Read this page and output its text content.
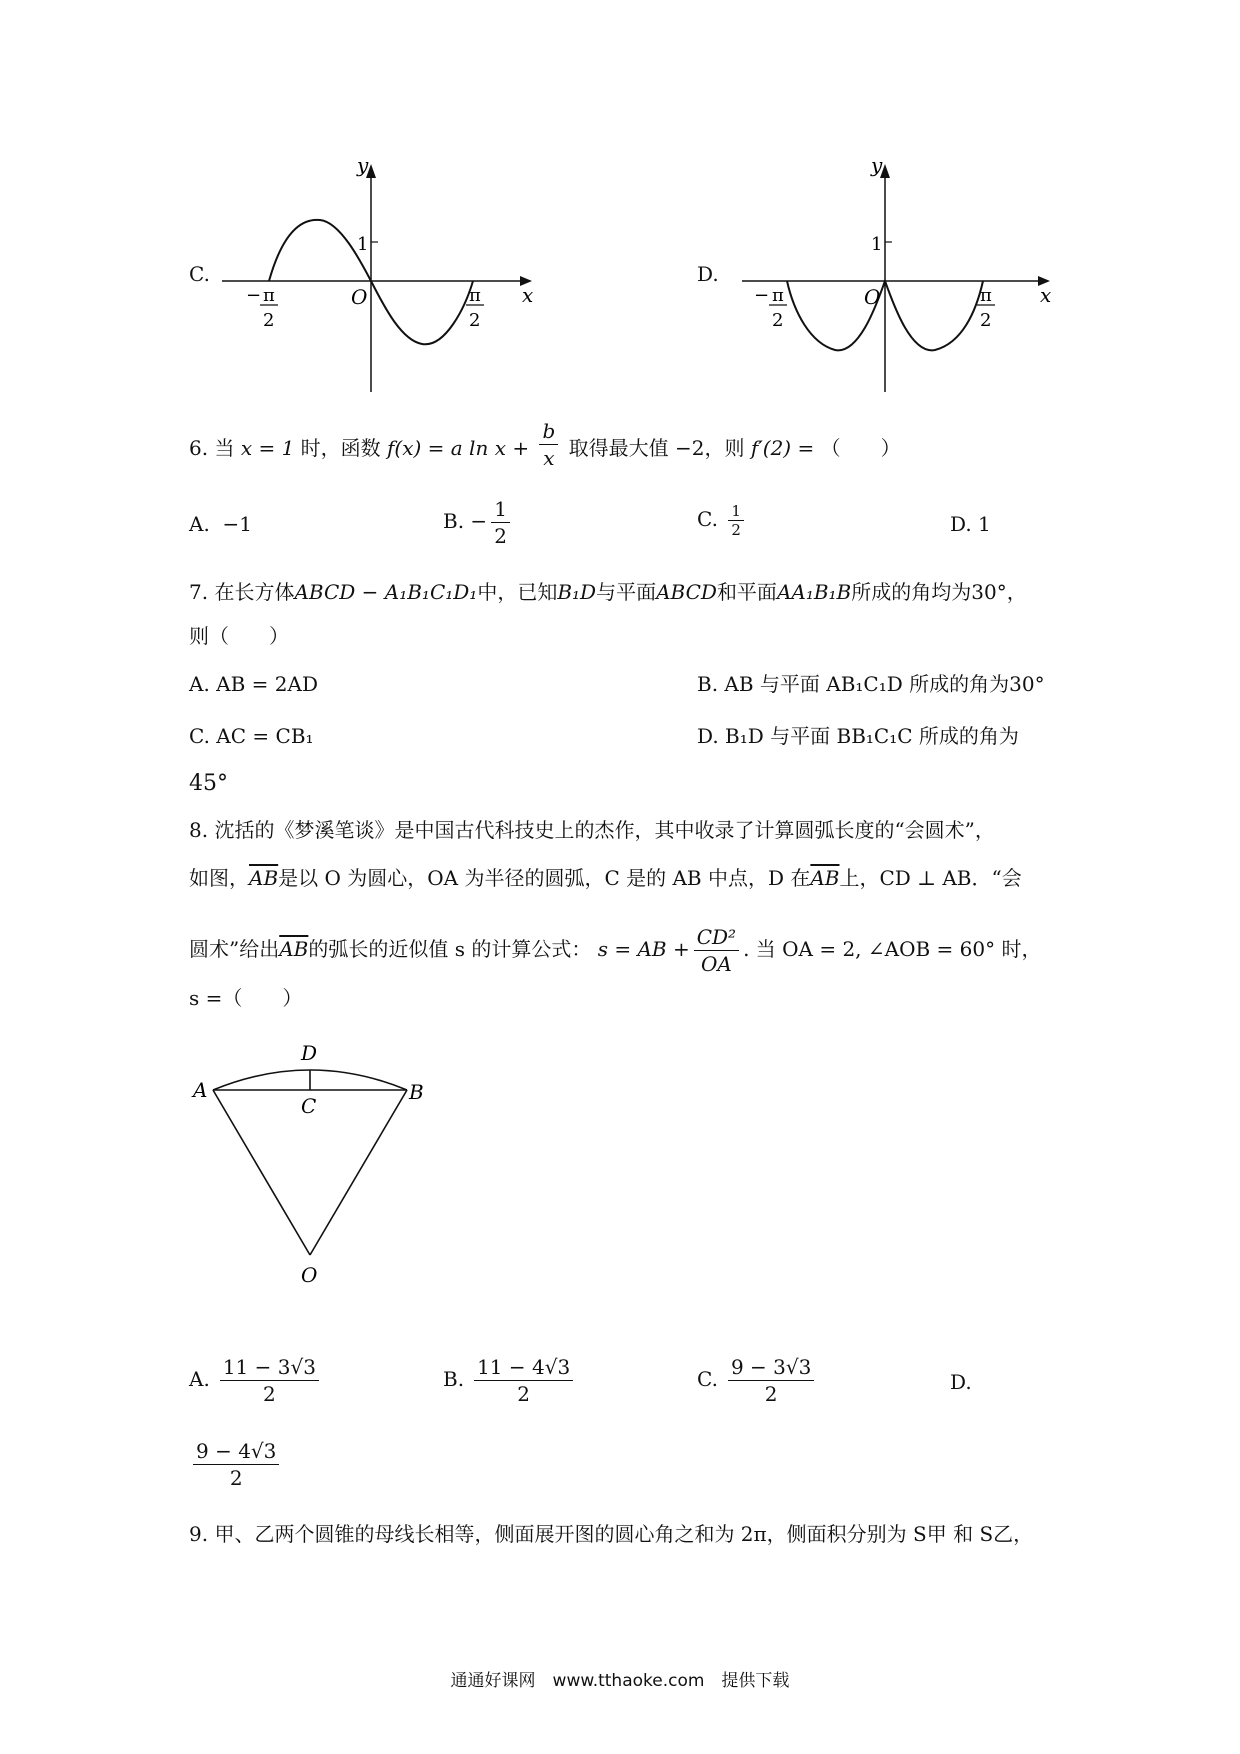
C.
y
x
O
1
− π
2
π
2
D.
y
x
O
1
− π
2
π
2
6. 当 x = 1 时，函数 f(x) = a $\ln x + \frac{b}{x}$ 取得最大值 −2，则 f′(2) = （　　）
A. −1	B. − $\frac{1}{2}$	C. $\frac{1}{2}$	D. 1
7. 在长方体ABCD − A₁B₁C₁D₁中，已知B₁D与平面ABCD和平面AA₁B₁B所成的角均为30°，
则（　　）
A. AB = 2AD	B. AB 与平面 AB₁C₁D 所成的角为30°
C. AC = CB₁	D. B₁D 与平面 BB₁C₁C 所成的角为
45°
8. 沈括的《梦溪笔谈》是中国古代科技史上的杰作，其中收录了计算圆弧长度的“会圆术”，
如图，$\overline{AB}$是以 O 为圆心，OA 为半径的圆弧，C 是的 AB 中点，D 在$\overline{AB}$上，CD ⊥ AB．“会
圆术”给出$\overline{AB}$的弧长的近似值 s 的计算公式： s = AB + $\frac{\text{CD²}}{OA}$ . 当 OA = 2, ∠AOB = 60° 时，
s =（　　）
A	B
C
D
O
A. $\frac{11 - 3√3}{2}$	B. $\frac{11 - 4√3}{2}$	C. $\frac{9 - 3√3}{2}$	D.
$\frac{9 - 4√3}{2}$
9. 甲、乙两个圆锥的母线长相等，侧面展开图的圆心角之和为 2π，侧面积分别为 S甲 和 S乙，
通通好课网　www.tthaoke.com　提供下载
